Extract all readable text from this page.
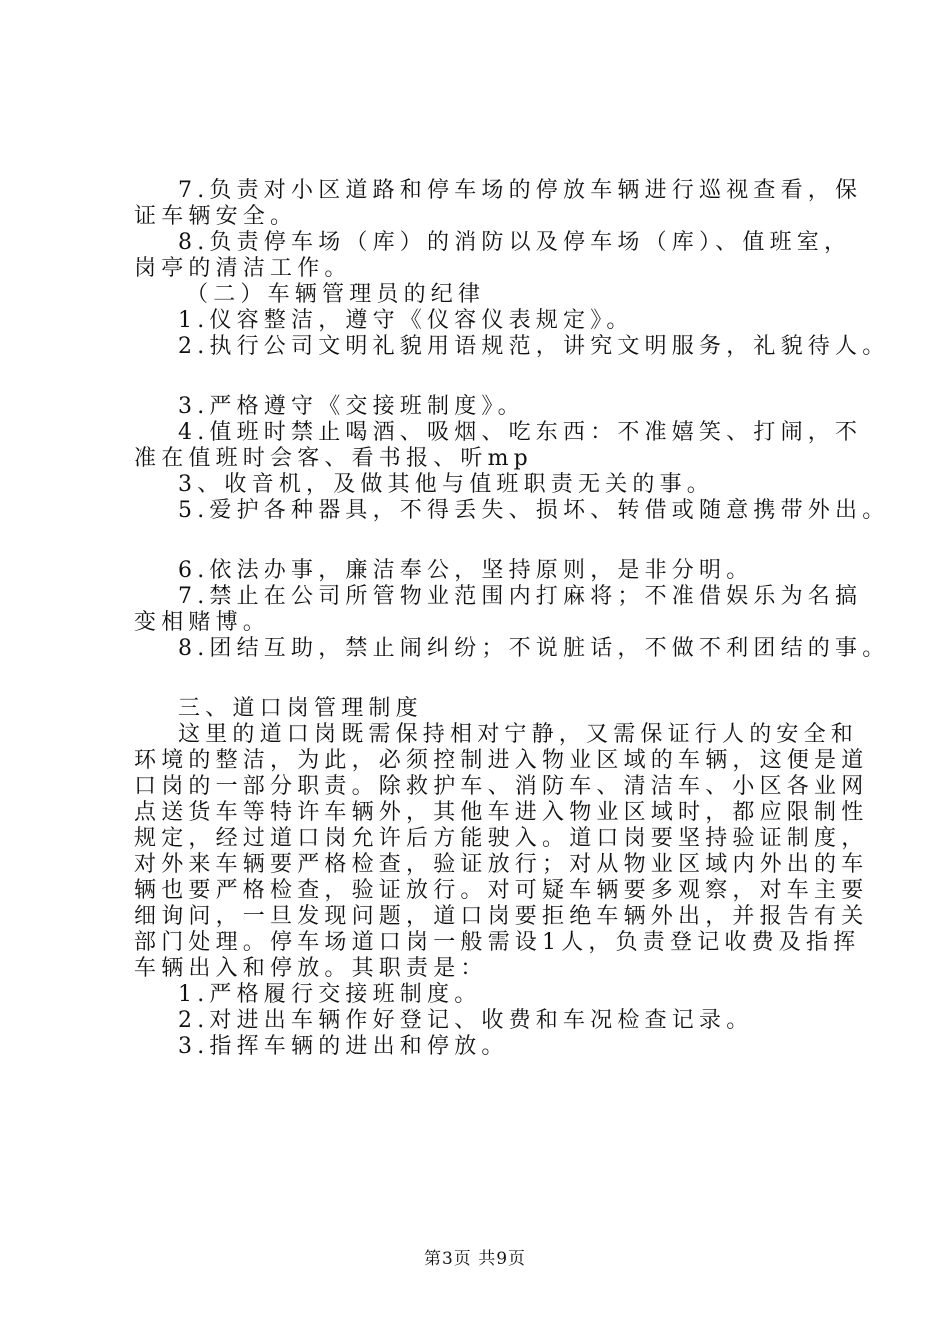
7.负责对小区道路和停车场的停放车辆进行巡视查看，保

证车辆安全。

8.负责停车场（库）的消防以及停车场（库）、值班室，

岗亭的清洁工作。

（二）车辆管理员的纪律

1.仪容整洁，遵守《仪容仪表规定》。

2.执行公司文明礼貌用语规范，讲究文明服务，礼貌待人。

3.严格遵守《交接班制度》。

4.值班时禁止喝酒、吸烟、吃东西：不准嬉笑、打闹，不

准在值班时会客、看书报、听mp

3、收音机，及做其他与值班职责无关的事。

5.爱护各种器具，不得丢失、损坏、转借或随意携带外出。

6.依法办事，廉洁奉公，坚持原则，是非分明。

7.禁止在公司所管物业范围内打麻将；不准借娱乐为名搞

变相赌博。

8.团结互助，禁止闹纠纷；不说脏话，不做不利团结的事。

三、道口岗管理制度

这里的道口岗既需保持相对宁静，又需保证行人的安全和

环境的整洁，为此，必须控制进入物业区域的车辆，这便是道

口岗的一部分职责。除救护车、消防车、清洁车、小区各业网

点送货车等特许车辆外，其他车进入物业区域时，都应限制性

规定，经过道口岗允许后方能驶入。道口岗要坚持验证制度，

对外来车辆要严格检查，验证放行；对从物业区域内外出的车

辆也要严格检查，验证放行。对可疑车辆要多观察，对车主要

细询问，一旦发现问题，道口岗要拒绝车辆外出，并报告有关

部门处理。停车场道口岗一般需设1人，负责登记收费及指挥

车辆出入和停放。其职责是：

1.严格履行交接班制度。

2.对进出车辆作好登记、收费和车况检查记录。

3.指挥车辆的进出和停放。

第3页 共9页
